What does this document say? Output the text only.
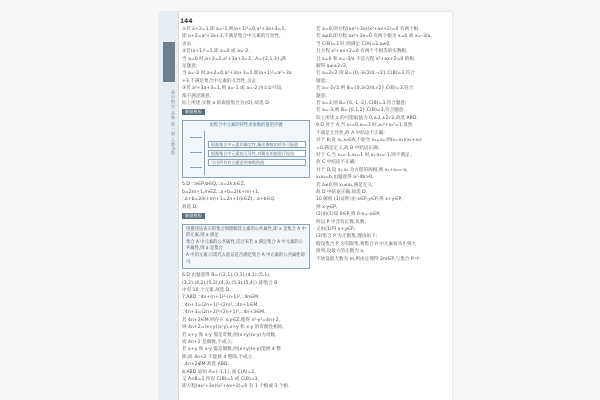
高中数学 必修 第一册 人教A版
144
①若 a+2=1,即 a=-1,则(a+1)²=0,a²+3a+3=1,
即 a+2=a²+3a+3,不满足集合中元素的互异性,
舍去.
②若(a+1)²=1,即 a=0 或 a=-2.
当 a=0 时,a+2=2,a²+3a+3=3,∴A={2,1,3},满
足题意;
当 a=-2 时,a+2=0,a²+3a+3=1,即(a+1)²=a²+3a
+3,不满足集合中元素的互异性,舍去.
③若 a²+3a+3=1,则 a=-1 或 a=-2,由①②可知,
都不满足题意.
综上所述,实数 a 的取值集合为{0},故选 D.
解题模板
由集合中元素的特性求参数的值的步骤
根据集合中元素的确定性,解出参数的所有可能值
根据集合中元素的互异性,对解出的值进行检验
写出所有符合题意的参数的值
5.D ∵a∈P,b∈Q,∴a=2k,k∈Z,
b=2m+1,m∈Z,∴a+b=2(k+m)+1,
∴a+b=2(k+m)+1=2n+1(k∈Z),∴a+b∈Q.
故选 D.
解题模板
用描述法表示的集合须理解其元素的公共属性,即 a 是集合 A 中的元素,则 a 满足
集合 A 中元素的公共属性,反过来若 a 满足集合 A 中元素的公共属性,则 a 是集合
A 中的元素,只需代入验证是否满足集合 A 中元素的公共属性即可.
6.D 由题意得 B={(2,1),(3,1),(4,1),(5,1),
(3,2),(4,2),(5,2),(4,3),(5,3),(5,4)},即集合 B
中有 10 个元素.故选 D.
7.ABD ∵4n+(n+1)²-(n-1)²,∴4n∈M.
∵4n+1=(2n+1)²-(2n)²,∴4n+1∈M.
∵4n+3=(2n+2)²-(2n+1)²,∴4n+3∈M.
若 4n+2∈M,则存在 x,y∈Z,使得 x²-y²=4n+2,
则 4n+2=(x+y)(x-y),x+y 和 x-y 的奇偶性相同,
若 x+y 和 x-y 都是奇数,则(x+y)(x-y)为奇数,
而 4n+2 是偶数,不成立;
若 x+y 和 x-y 都是偶数,则(x+y)(x-y)能被 4 整
除,而 4n+2 不能被 4 整除,不成立.
∴4n+2∉M.故选 ABD.
8.ABD 易知 A={-1,1},而 C(A)=2,
又 A∩B=1,所以 C(B)=1 或 C(B)=3,
即方程(ax²+3x)(x²+ax+2)=0 有 1 个根或 3 个根.
若 a=0,则方程(ax²+3x)(x²+ax+2)=0 有两个根,
若 a≠0,即方程 ax²+3x=0 有两个根为 x=0 或 x=-3/a,
当 C(B)=3 时,则满足 C(A)=2,a≠0,
且方程 x²+ax+2=0 有两个不相等的实数根,
且 x=0 和 x=-3/a 不是方程 x²+ax+2=0 的根,
解得 a≠±2√2,
若 a=2√2,则 B={0,-3√2/4,-√2},C(B)=3,符合
题意;
若 a=-2√2,则 B={0,3√2/4,√2},C(B)=3,符合
题意;
若 a=3,则 B={0,-1,-2},C(B)=3,符合题意;
若 a=-3,则 B={0,1,2},C(B)=3,符合题意.
综上所述,a 的可能取值为 0,±3,±2√2,故选 ABD.
9.D 对于 A,当 x₁=0,x₂=1 时,x₁²+x₂²=1,显然
不满足互异性,故 A 中结论不正确;
对于 B,设 x₁,x₂∈A,不妨令 x₁=x₂,则(x₁-x₂)(x₁+x₂)
=0,满足定义,故 B 中结论正确;
对于 C,当 x₁=-1,x₂=1 时,x₁·x₂=-1,则不满足,
故 C 中结论不正确;
对于 D,设 x₁,x₂ 为方程的两根,则 x₁+x₂=-a,
x₁x₂=b,由题意得 a²-4b>0,
若 a≠0,则 x₁≠x₂,满足定义,
故 D 中结论正确.故选 D.
10.解析 (1)证明:由 x∈P,y∈P,得 x+y∈P,
则 x-y∈P,
(2)由(1)知 0∈P,则 0-x=-x∈P,
所以 P 中含有正数,负数,
又由(1)得 x+y∈P,
(3)集合 P 为无限集,理由如下:
假设集合 P 为有限集,将集合 P 中元素按从小到大
排列,设最大的正数为 a,
不妨设最大数为 m,则由定理得 2m∈P,与集合 P 中
